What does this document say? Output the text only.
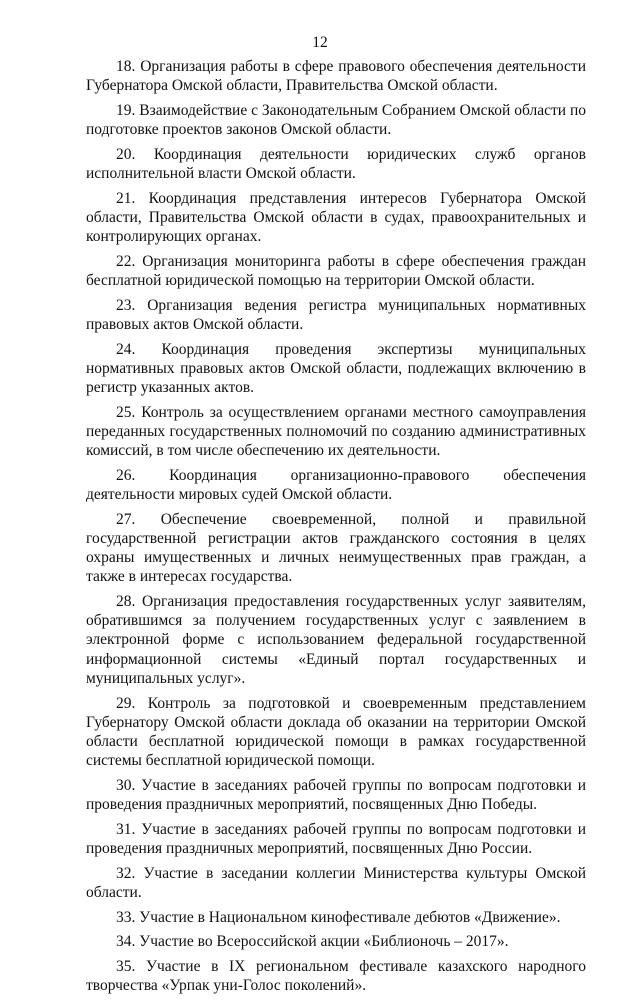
12

18. Организация работы в сфере правового обеспечения деятельности Губернатора Омской области, Правительства Омской области.

19. Взаимодействие с Законодательным Собранием Омской области по подготовке проектов законов Омской области.

20. Координация деятельности юридических служб органов исполнительной власти Омской области.

21. Координация представления интересов Губернатора Омской области, Правительства Омской области в судах, правоохранительных и контролирующих органах.

22. Организация мониторинга работы в сфере обеспечения граждан бесплатной юридической помощью на территории Омской области.

23. Организация ведения регистра муниципальных нормативных правовых актов Омской области.

24. Координация проведения экспертизы муниципальных нормативных правовых актов Омской области, подлежащих включению в регистр указанных актов.

25. Контроль за осуществлением органами местного самоуправления переданных государственных полномочий по созданию административных комиссий, в том числе обеспечению их деятельности.

26. Координация организационно-правового обеспечения деятельности мировых судей Омской области.

27. Обеспечение своевременной, полной и правильной государственной регистрации актов гражданского состояния в целях охраны имущественных и личных неимущественных прав граждан, а также в интересах государства.

28. Организация предоставления государственных услуг заявителям, обратившимся за получением государственных услуг с заявлением в электронной форме с использованием федеральной государственной информационной системы «Единый портал государственных и муниципальных услуг».

29. Контроль за подготовкой и своевременным представлением Губернатору Омской области доклада об оказании на территории Омской области бесплатной юридической помощи в рамках государственной системы бесплатной юридической помощи.

30. Участие в заседаниях рабочей группы по вопросам подготовки и проведения праздничных мероприятий, посвященных Дню Победы.

31. Участие в заседаниях рабочей группы по вопросам подготовки и проведения праздничных мероприятий, посвященных Дню России.

32. Участие в заседании коллегии Министерства культуры Омской области.

33. Участие в Национальном кинофестивале дебютов «Движение».

34. Участие во Всероссийской акции «Библионочь – 2017».

35. Участие в IX региональном фестивале казахского народного творчества «Урпак уни-Голос поколений».
